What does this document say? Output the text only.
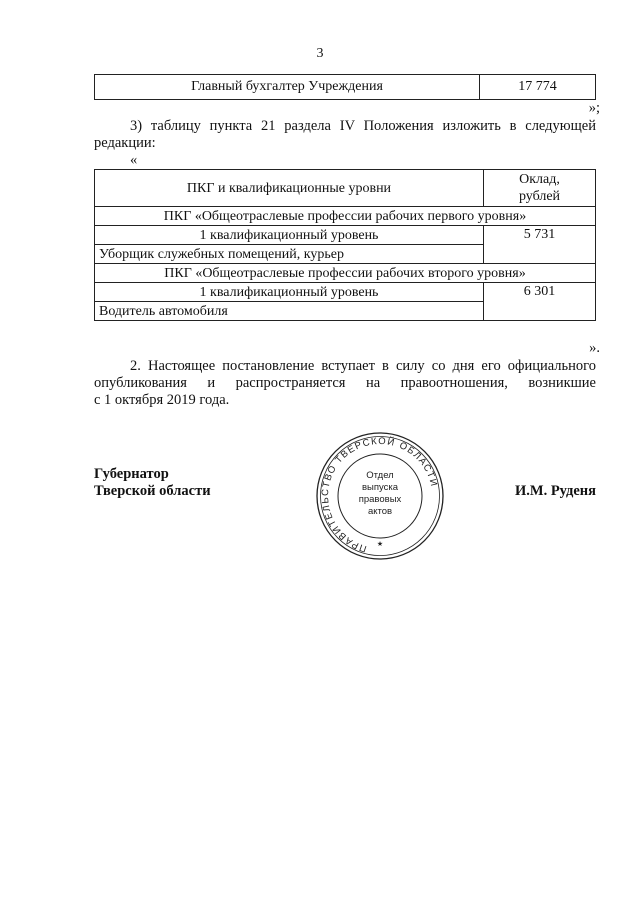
3
Главный бухгалтер Учреждения	17 774
»;
3) таблицу пункта 21 раздела IV Положения изложить в следующей
редакции:
«
ПКГ и квалификационные уровни	Оклад,
рублей

ПКГ «Общеотраслевые профессии рабочих первого уровня»	
1 квалификационный уровень	5 731
Уборщик служебных помещений, курьер	
ПКГ «Общеотраслевые профессии рабочих второго уровня»	
1 квалификационный уровень	6 301
Водитель автомобиля	
».
2. Настоящее постановление вступает в силу со дня его официального
опубликования и распространяется на правоотношения, возникшие
с 1 октября 2019 года.
Губернатор
Тверской области	И.М. Руденя
ПРАВИТЕЛЬСТВО ТВЕРСКОЙ ОБЛАСТИ
★
Отдел
выпуска
правовых
актов
